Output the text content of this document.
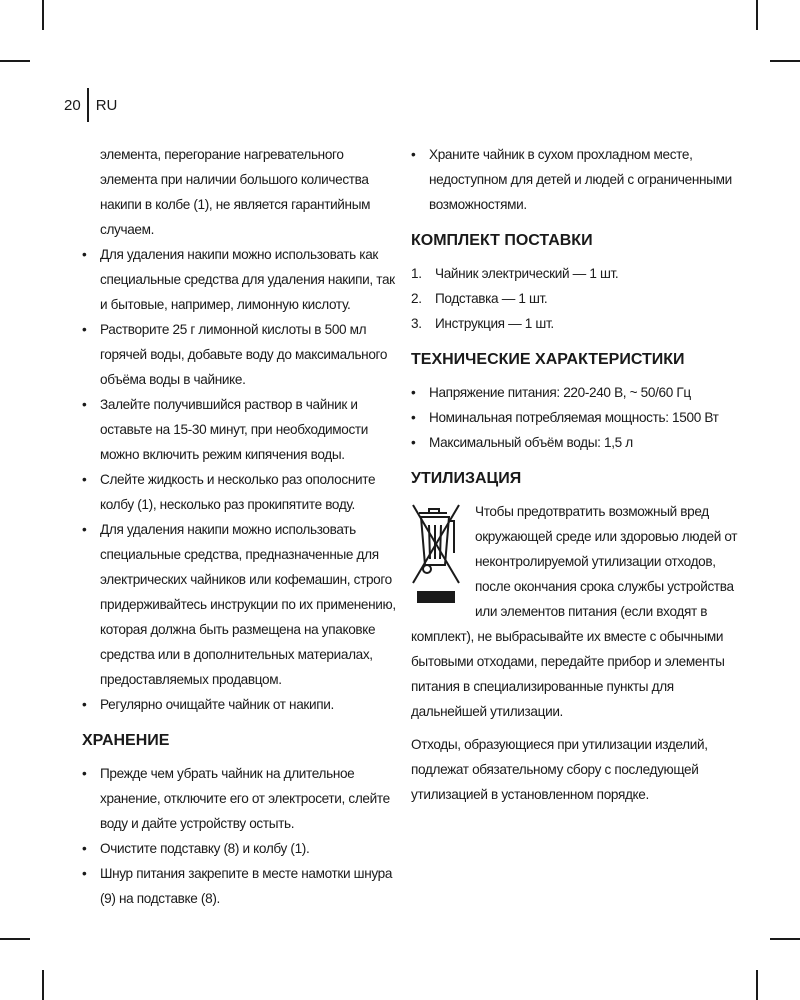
20	RU

элемента, перегорание нагревательного элемента при наличии большого количества накипи в колбе (1), не является гарантийным случаем.

• Для удаления накипи можно использовать как специальные средства для удаления накипи, так и бытовые, например, лимонную кислоту.
• Растворите 25 г лимонной кислоты в 500 мл горячей воды, добавьте воду до максимального объёма воды в чайнике.
• Залейте получившийся раствор в чайник и оставьте на 15-30 минут, при необходимости можно включить режим кипячения воды.
• Слейте жидкость и несколько раз ополосните колбу (1), несколько раз прокипятите воду.
• Для удаления накипи можно использовать специальные средства, предназначенные для электрических чайников или кофемашин, строго придерживайтесь инструкции по их применению, которая должна быть размещена на упаковке средства или в дополнительных материалах, предоставляемых продавцом.
• Регулярно очищайте чайник от накипи.
ХРАНЕНИЕ
• Прежде чем убрать чайник на длительное хранение, отключите его от электросети, слейте воду и дайте устройству остыть.
• Очистите подставку (8) и колбу (1).
• Шнур питания закрепите в месте намотки шнура (9) на подставке (8).
• Храните чайник в сухом прохладном месте, недоступном для детей и людей с ограниченными возможностями.
КОМПЛЕКТ ПОСТАВКИ
1. Чайник электрический — 1 шт.
2. Подставка — 1 шт.
3. Инструкция — 1 шт.
ТЕХНИЧЕСКИЕ ХАРАКТЕРИСТИКИ
• Напряжение питания: 220-240 В, ~ 50/60 Гц
• Номинальная потребляемая мощность: 1500 Вт
• Максимальный объём воды: 1,5 л
УТИЛИЗАЦИЯ

Чтобы предотвратить возможный вред окружающей среде или здоровью людей от неконтролируемой утилизации отходов, после окончания срока службы устройства или элементов питания (если входят в комплект), не выбрасывайте их вместе с обычными бытовыми отходами, передайте прибор и элементы питания в специализированные пункты для дальнейшей утилизации.

Отходы, образующиеся при утилизации изделий, подлежат обязательному сбору с последующей утилизацией в установленном порядке.
